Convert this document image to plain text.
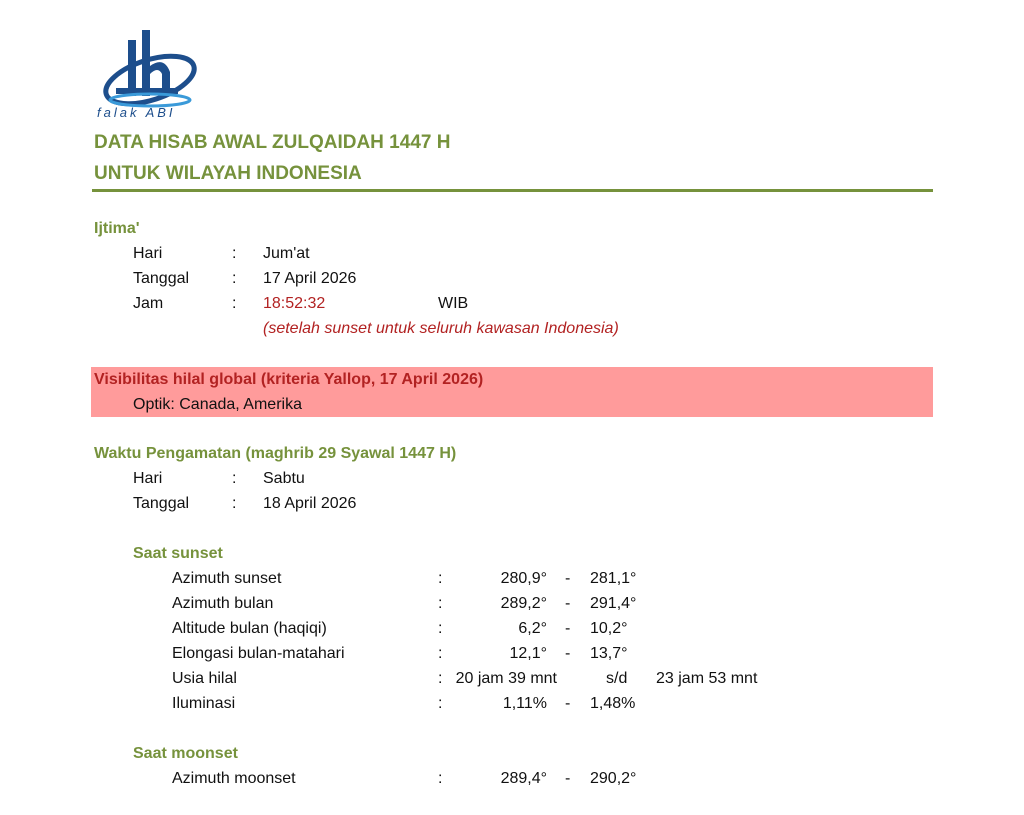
falak ABI
DATA HISAB AWAL ZULQAIDAH 1447 H
UNTUK WILAYAH INDONESIA
Ijtima'
Hari	: Jum'at
Tanggal	: 17 April 2026
Jam	: 18:52:32	WIB
(setelah sunset untuk seluruh kawasan Indonesia)
Visibilitas hilal global (kriteria Yallop, 17 April 2026)
Optik: Canada, Amerika
Waktu Pengamatan (maghrib 29 Syawal 1447 H)
Hari	: Sabtu
Tanggal	: 18 April 2026
Saat sunset
Azimuth sunset	:	280,9° - 281,1°
Azimuth bulan	:	289,2° - 291,4°
Altitude bulan (haqiqi)	:	6,2° - 10,2°
Elongasi bulan-matahari	:	12,1° - 13,7°
Usia hilal	: 20 jam 39 mnt	s/d 23 jam 53 mnt
Iluminasi	:	1,11% - 1,48%
Saat moonset
Azimuth moonset	:	289,4° - 290,2°
